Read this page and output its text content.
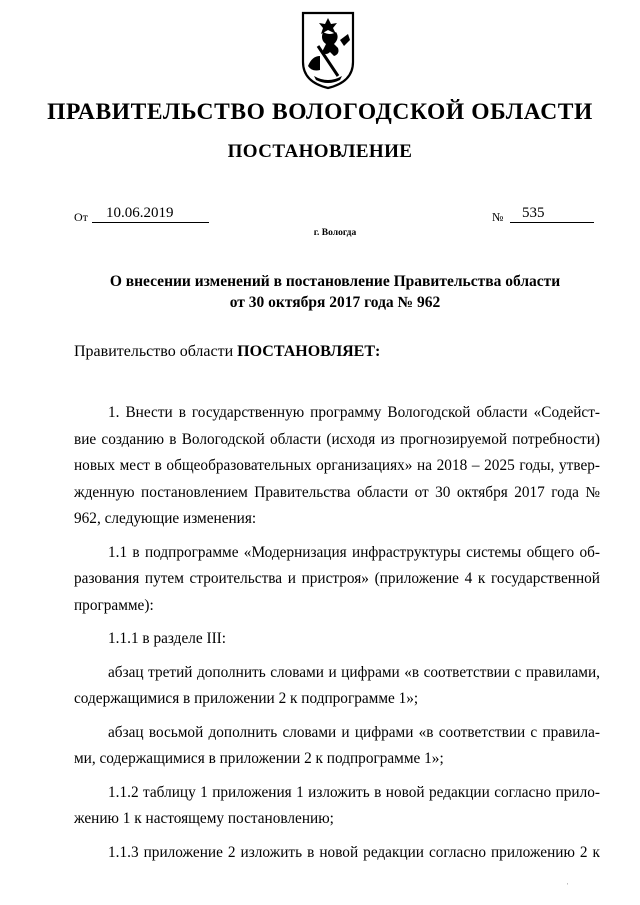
ПРАВИТЕЛЬСТВО ВОЛОГОДСКОЙ ОБЛАСТИ
ПОСТАНОВЛЕНИЕ
От	10.06.2019	№	535
г. Вологда
О внесении изменений в постановление Правительства области
от 30 октября 2017 года № 962
Правительство области ПОСТАНОВЛЯЕТ:

1. Внести в государственную программу Вологодской области «Содейст-
вие созданию в Вологодской области (исходя из прогнозируемой потребности)
новых мест в общеобразовательных организациях» на 2018 – 2025 годы, утвер-
жденную постановлением Правительства области от 30 октября 2017 года №
962, следующие изменения:

1.1 в подпрограмме «Модернизация инфраструктуры системы общего об-
разования путем строительства и пристроя» (приложение 4 к государственной
программе):

1.1.1 в разделе III:

абзац третий дополнить словами и цифрами «в соответствии с правилами,
содержащимися в приложении 2 к подпрограмме 1»;

абзац восьмой дополнить словами и цифрами «в соответствии с правила-
ми, содержащимися в приложении 2 к подпрограмме 1»;

1.1.2 таблицу 1 приложения 1 изложить в новой редакции согласно прило-
жению 1 к настоящему постановлению;

1.1.3 приложение 2 изложить в новой редакции согласно приложению 2 к

ˈ
